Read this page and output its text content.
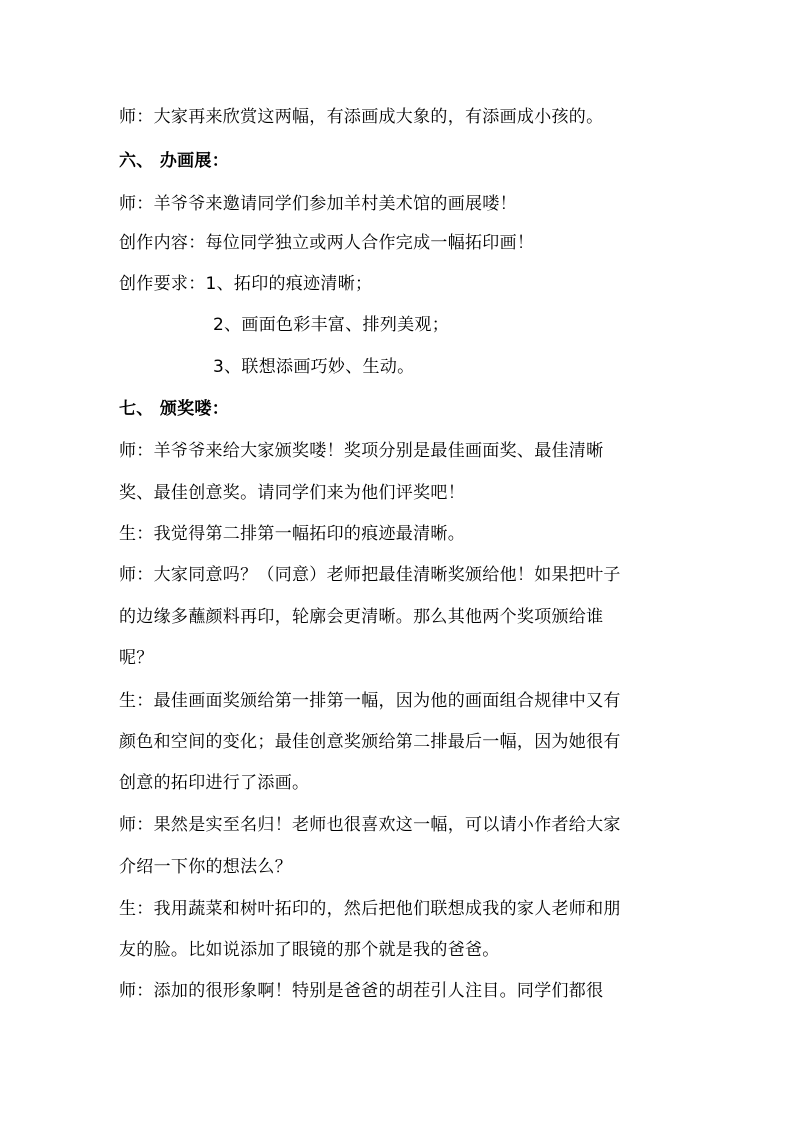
师：大家再来欣赏这两幅，有添画成大象的，有添画成小孩的。
六、 办画展：
师：羊爷爷来邀请同学们参加羊村美术馆的画展喽！
创作内容：每位同学独立或两人合作完成一幅拓印画！
创作要求：1、拓印的痕迹清晰；
2、画面色彩丰富、排列美观；
3、联想添画巧妙、生动。
七、 颁奖喽：
师：羊爷爷来给大家颁奖喽！奖项分别是最佳画面奖、最佳清晰
奖、最佳创意奖。请同学们来为他们评奖吧！
生：我觉得第二排第一幅拓印的痕迹最清晰。
师：大家同意吗？（同意）老师把最佳清晰奖颁给他！如果把叶子
的边缘多蘸颜料再印，轮廓会更清晰。那么其他两个奖项颁给谁
呢？
生：最佳画面奖颁给第一排第一幅，因为他的画面组合规律中又有
颜色和空间的变化；最佳创意奖颁给第二排最后一幅，因为她很有
创意的拓印进行了添画。
师：果然是实至名归！老师也很喜欢这一幅，可以请小作者给大家
介绍一下你的想法么？
生：我用蔬菜和树叶拓印的，然后把他们联想成我的家人老师和朋
友的脸。比如说添加了眼镜的那个就是我的爸爸。
师：添加的很形象啊！特别是爸爸的胡茬引人注目。同学们都很
